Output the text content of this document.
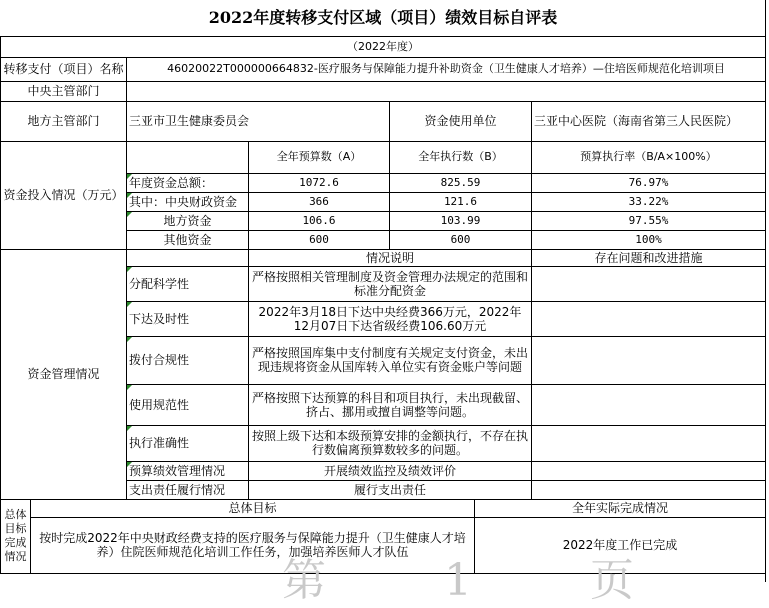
2022年度转移支付区域（项目）绩效目标自评表						
（2022年度）						
转移支付（项目）名称		46020022T000000664832-医疗服务与保障能力提升补助资金（卫生健康人才培养）—住培医师规范化培训项目				
中央主管部门						
地方主管部门		三亚市卫生健康委员会		资金使用单位		三亚中心医院（海南省第三人民医院）
资金投入情况（万元）			全年预算数（A）	全年执行数（B）		预算执行率（B/A×100%）
		年度资金总额：	1072.6	825.59		76.97%
		其中：中央财政资金	366	121.6		33.22%
		地方资金	106.6	103.99		97.55%
		其他资金	600	600		100%
资金管理情况			情况说明			存在问题和改进措施
		分配科学性	严格按照相关管理制度及资金管理办法规定的范围和标准分配资金			
		下达及时性	2022年3月18日下达中央经费366万元，2022年12月07日下达省级经费106.60万元			
		拨付合规性	严格按照国库集中支付制度有关规定支付资金，未出现违规将资金从国库转入单位实有资金账户等问题			
		使用规范性	严格按照下达预算的科目和项目执行，未出现截留、挤占、挪用或擅自调整等问题。			
		执行准确性	按照上级下达和本级预算安排的金额执行，不存在执行数偏离预算数较多的问题。			
		预算绩效管理情况	开展绩效监控及绩效评价			
		支出责任履行情况	履行支出责任			
总体目标完成情况	总体目标				全年实际完成情况	
	按时完成2022年中央财政经费支持的医疗服务与保障能力提升（卫生健康人才培养）住院医师规范化培训工作任务，加强培养医师人才队伍				2022年度工作已完成	
第 1 页
